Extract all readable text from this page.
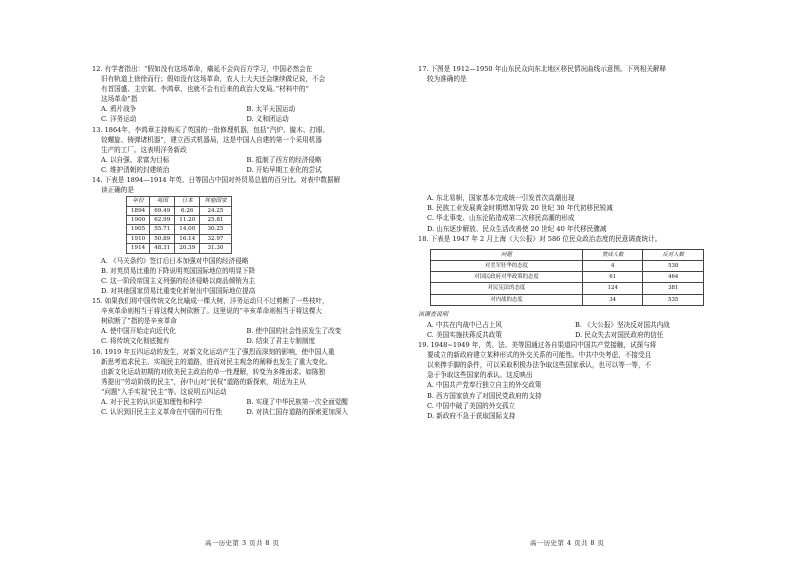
12. 有学者指出：“假如没有这场革命，痛延不会向百方学习，中国必然会在

旧有轨道上徐徐而行；假如没有这场革命，农人士大夫还会继续做记说，不会

有首国盛、主宗氣、李鸿章，也就不会有后来的政治大变局。”材料中的“

这场革命”指

A. 鸦片战争	B. 太平天国运动
C. 洋务运动	D. 义和团运动

13. 1864年，李鸿章主持购买了英国的一批修理机器，包括“汽炉、镟木、打眼、

铰螺旋、铸弹诸机器”，建立西式机器局，这是中国人自建的第一个采用机器

生产的工厂。这表明洋务新政

A. 以自强、求富为目标	B. 抵制了西方的经济侵略
C. 维护清朝的封建统治	D. 开始早期工业化的尝试

14. 下表是 1894—1914 年英、日等国占中国对外贸易总值的百分比。对表中数据解

读正确的是

年份	英国	日本	其他国家
1894	69.49	6.26	24.25
1900	62.99	11.20	25.81
1905	55.71	14.00	30.25
1910	50.89	16.14	32.97
1914	48.31	20.39	31.30
A. 《马关条约》签订后日本加强对中国的经济侵略
B. 对英贸易比重的下降说明英国国际地位的明显下降
C. 这一阶段帝国主义列强的经济侵略以商品倾销为主
D. 对其他国家贸易比重变化折射出中国国际地位提高

15. 如果我们将中国传统文化比喻成一棵大树，洋务运动只不过剪断了一些枝叶，

辛亥革命则相当于将这棵大树砍断了。这里说的“辛亥革命则相当于将这棵大

树砍断了”指的是辛亥革命

A. 使中国开始走向近代化	B. 使中国的社会性质发生了改变
C. 将传统文化彻底抛弃	D. 结束了君主专制制度

16. 1919 年五四运动的发生，对新文化运动产生了强烈而深刻的影响，使中国人重

新思考追求民主、实现民主的道路，进而对民主观念的阐释也发生了重大变化。

由新文化运动初期的对欧美民主政治的单一性理解，转变为多维面求。如陈独

秀提出“劳动阶级的民主”，孙中山对“民权”道路的新探索，胡适为主从

“问题”入手实现“民主”等。这说明五四运动

A. 对于民主的认识更加理性和科学	B. 实现了中华民族第一次全面觉醒
C. 认识到旧民主主义革命在中国的可行性	D. 对执仁国存道路的探索更加深入
高一历史第 3 页共 8 页

17. 下图是 1912—1950 年山东民众向东北地区移民情况曲线示意图。下列相关解释

较为准确的是

A. 东北易帜，国家基本完成统一引发首次高潮出现
B. 民族工业发展黄金时期增加导致 20 世纪 30 年代初移民锐减
C. 华北事变、山东沦陷造成第二次移民高潮的形成
D. 山东逐步解放、民众生活改善使 20 世纪 40 年代移民骤减

18. 下表是 1947 年 2 月上海《大公报》对 586 位民众政治态度的民意调查统计。

问题	赞成人数	反对人数
对美军驻华的态度	4	538
对国民政府对华政策的态度	61	464
对民宪法的态度	124	381
对内战的态度	34	535

该调查说明

A. 中共在内战中已占上风	B. 《大公报》坚决反对国共内战
C. 美国实施扶蒋反共政策	D. 民众失去对国民政府的信任

19. 1948~1949 年，英、法、美等国通过各自渠道同中国共产党接触，试探与将

要成立的新政府建立某种形式的外交关系的可能性。中共中央考虑，不接受且

以来捧手脚的条件，可以采取积极办法争取这些国家承认，也可以等一等，不

急于争取这些国家的承认。这反映出

A. 中国共产党奉行独立自主的外交政策
B. 西方国家放弃了对国民党政府的支持
C. 中国中破了美国的外交孤立
D. 新政府不急于获取国际支持
高一历史第 4 页共 8 页
